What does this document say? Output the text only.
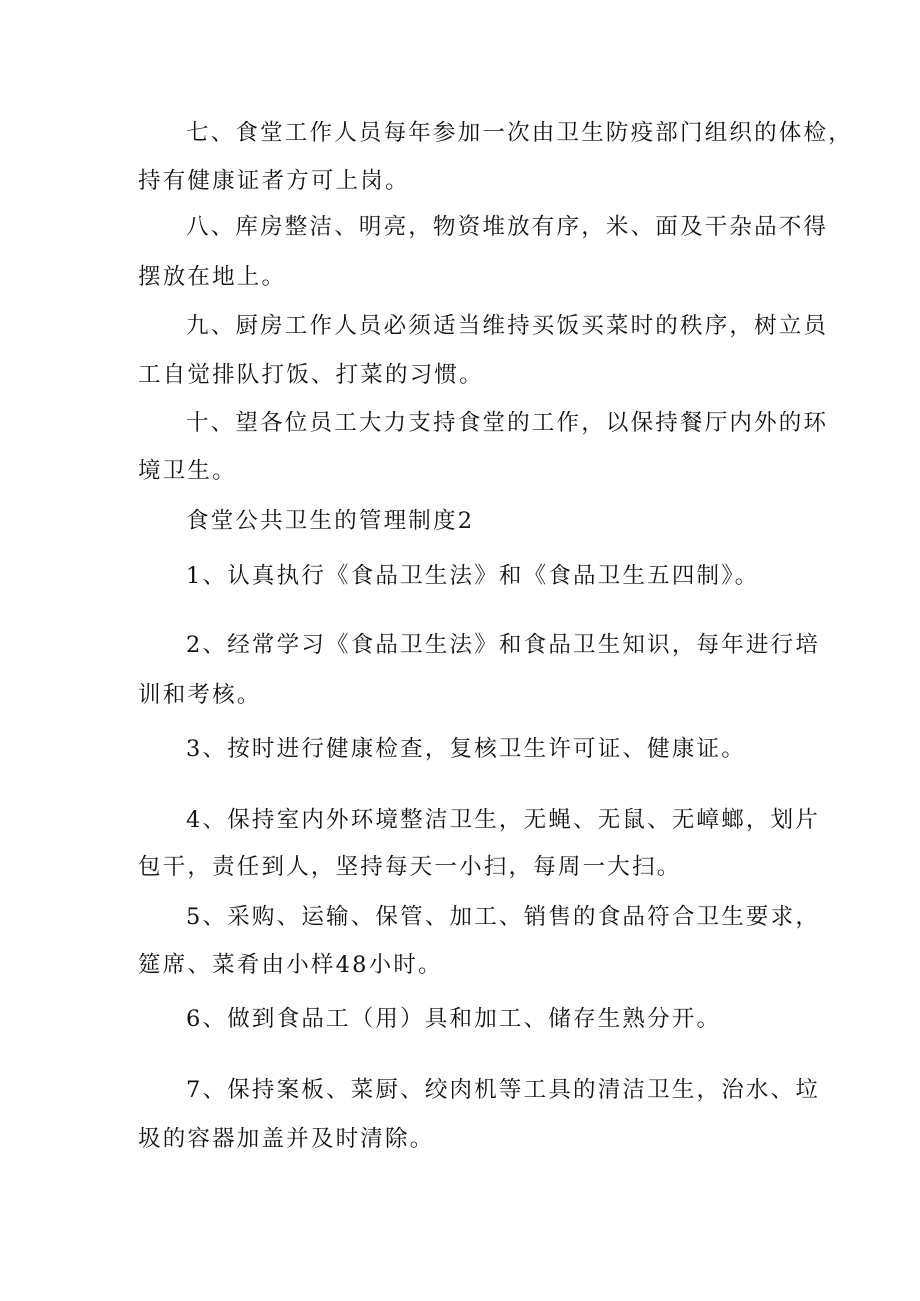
七、食堂工作人员每年参加一次由卫生防疫部门组织的体检，
持有健康证者方可上岗。
八、库房整洁、明亮，物资堆放有序，米、面及干杂品不得
摆放在地上。
九、厨房工作人员必须适当维持买饭买菜时的秩序，树立员
工自觉排队打饭、打菜的习惯。
十、望各位员工大力支持食堂的工作，以保持餐厅内外的环
境卫生。
食堂公共卫生的管理制度2
1、认真执行《食品卫生法》和《食品卫生五四制》。
2、经常学习《食品卫生法》和食品卫生知识，每年进行培
训和考核。
3、按时进行健康检查，复核卫生许可证、健康证。
4、保持室内外环境整洁卫生，无蝇、无鼠、无嶂螂，划片
包干，责任到人，坚持每天一小扫，每周一大扫。
5、采购、运输、保管、加工、销售的食品符合卫生要求，
筵席、菜肴由小样48小时。
6、做到食品工（用）具和加工、储存生熟分开。
7、保持案板、菜厨、绞肉机等工具的清洁卫生，治水、垃
圾的容器加盖并及时清除。
